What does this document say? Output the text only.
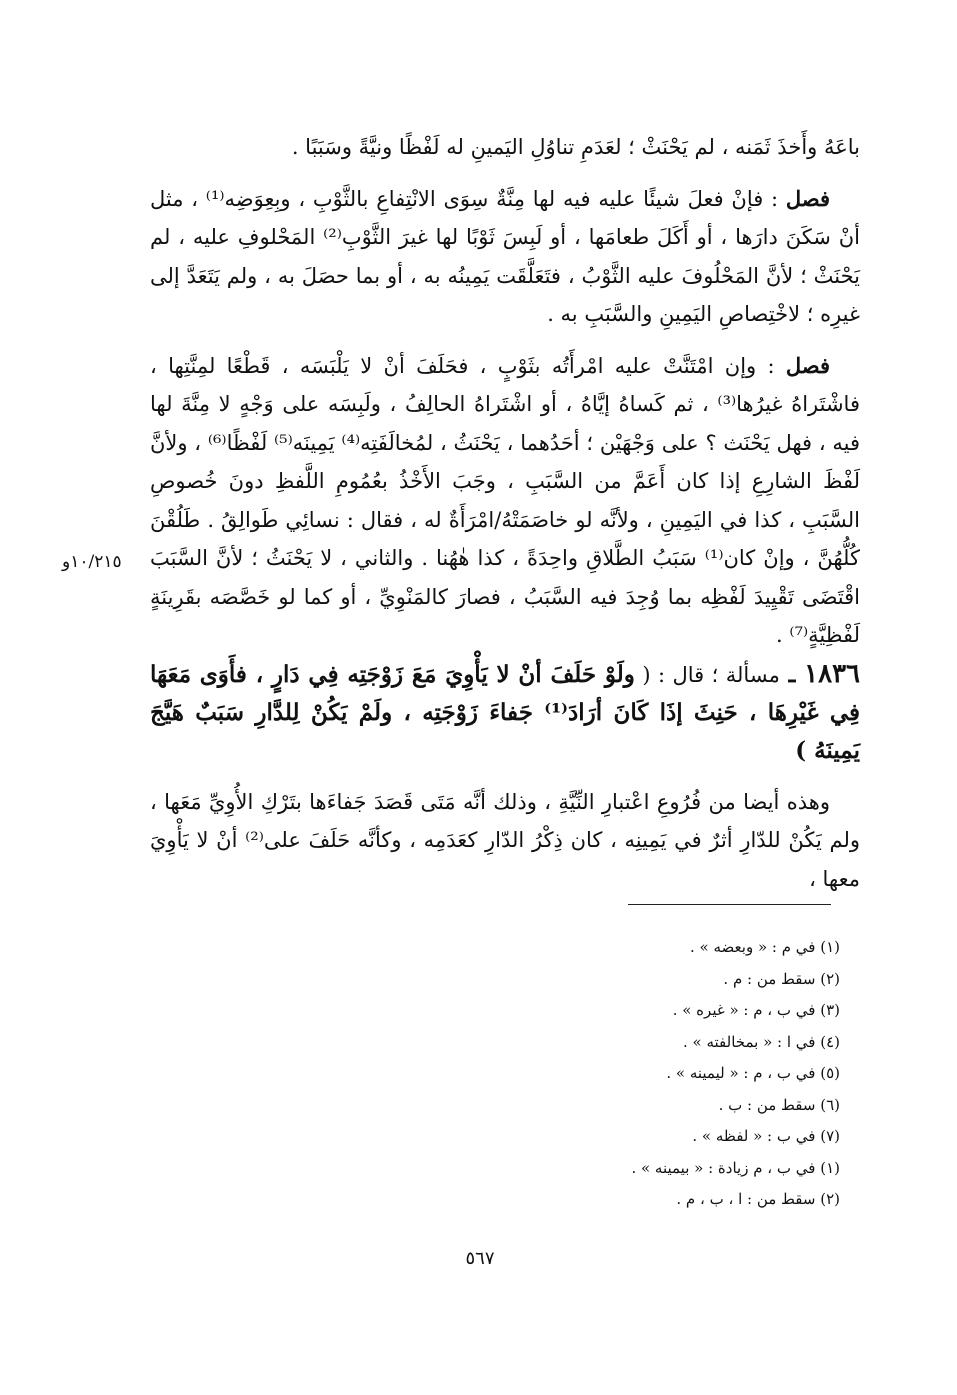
باعَهُ وأَخذَ ثَمَنه ، لم يَحْنَثْ ؛ لعَدَمِ تناوُلِ اليَمينِ له لَفْظًا ونيَّةً وسَبَبًا .

فصل : فإنْ فعلَ شيئًا عليه فيه لها مِنَّةٌ سِوَى الانْتِفاعِ بالثَّوْبِ ، وبِعِوَضِه⁽¹⁾ ، مثل أنْ سَكَنَ دارَها ، أو أَكَلَ طعامَها ، أو لَبِسَ ثَوْبًا لها غيرَ الثَّوْبِ⁽²⁾ المَحْلوفِ عليه ، لم يَحْنَثْ ؛ لأنَّ المَحْلُوفَ عليه الثَّوْبُ ، فتَعَلَّقَت يَمِينُه به ، أو بما حصَلَ به ، ولم يَتَعَدَّ إلى غيرِه ؛ لاخْتِصاصِ اليَمِينِ والسَّبَبِ به .

فصل : وإن امْتَنَّتْ عليه امْرأَتُه بثَوْبٍ ، فحَلَفَ أنْ لا يَلْبَسَه ، قَطْعًا لمِنَّتِها ، فاشْتَراهُ غيرُها⁽³⁾ ، ثم كَساهُ إيَّاهُ ، أو اشْتَراهُ الحالِفُ ، ولَبِسَه على وَجْهٍ لا مِنَّةَ لها فيه ، فهل يَحْنَث ؟ على وَجْهَيْن ؛ أحَدُهما ، يَحْنَثُ ، لمُخالَفَتِه⁽⁴⁾ يَمِينَه⁽⁵⁾ لَفْظًا⁽⁶⁾ ، ولأنَّ لَفْظَ الشارِعِ إذا كان أَعَمَّ من السَّبَبِ ، وجَبَ الأَخْذُ بعُمُومِ اللَّفظِ دونَ خُصوصِ السَّبَبِ ، كذا في اليَمِينِ ، ولأنَّه لو خاصَمَتْهُ/امْرَأَةٌ له ، فقال : نسائِي طَوالِقُ . طَلُقْنَ كُلُّهُنَّ ، وإنْ كان⁽¹⁾ سَبَبُ الطَّلاقِ واحِدَةً ، كذا هٰهُنا . والثاني ، لا يَحْنَثُ ؛ لأنَّ السَّبَبَ اقْتَضَى تَقْيِيدَ لَفْظِه بما وُجِدَ فيه السَّبَبُ ، فصارَ كالمَنْوِيِّ ، أو كما لو خَصَّصَه بقَرِينَةٍ لَفْظِيَّةٍ⁽⁷⁾ .

١٨٣٦ ـ مسألة ؛ قال : ( ولَوْ حَلَفَ أنْ لا يَأْوِيَ مَعَ زَوْجَتِه فِي دَارٍ ، فأَوَى مَعَهَا فِي غَيْرِهَا ، حَنِثَ إذَا كَانَ أرَادَ⁽¹⁾ جَفاءَ زَوْجَتِه ، ولَمْ يَكُنْ لِلدَّارِ سَبَبٌ هَيَّجَ يَمِينَهُ )

وهذه أيضا من فُرُوعِ اعْتبارِ النِّيَّةِ ، وذلك أنَّه مَتَى قَصَدَ جَفاءَها بتَرْكِ الأُوِيِّ مَعَها ، ولم يَكُنْ للدّارِ أثرٌ في يَمِينِه ، كان ذِكْرُ الدّارِ كعَدَمِه ، وكأنَّه حَلَفَ على⁽²⁾ أنْ لا يَأْوِيَ معها ،

١٠/٢١٥و
(١) في م : « وبعضه » .
(٢) سقط من : م .
(٣) في ب ، م : « غيره » .
(٤) في ا : « بمخالفته » .
(٥) في ب ، م : « ليمينه » .
(٦) سقط من : ب .
(٧) في ب : « لفظه » .
(١) في ب ، م زيادة : « بيمينه » .
(٢) سقط من : ا ، ب ، م .
٥٦٧
